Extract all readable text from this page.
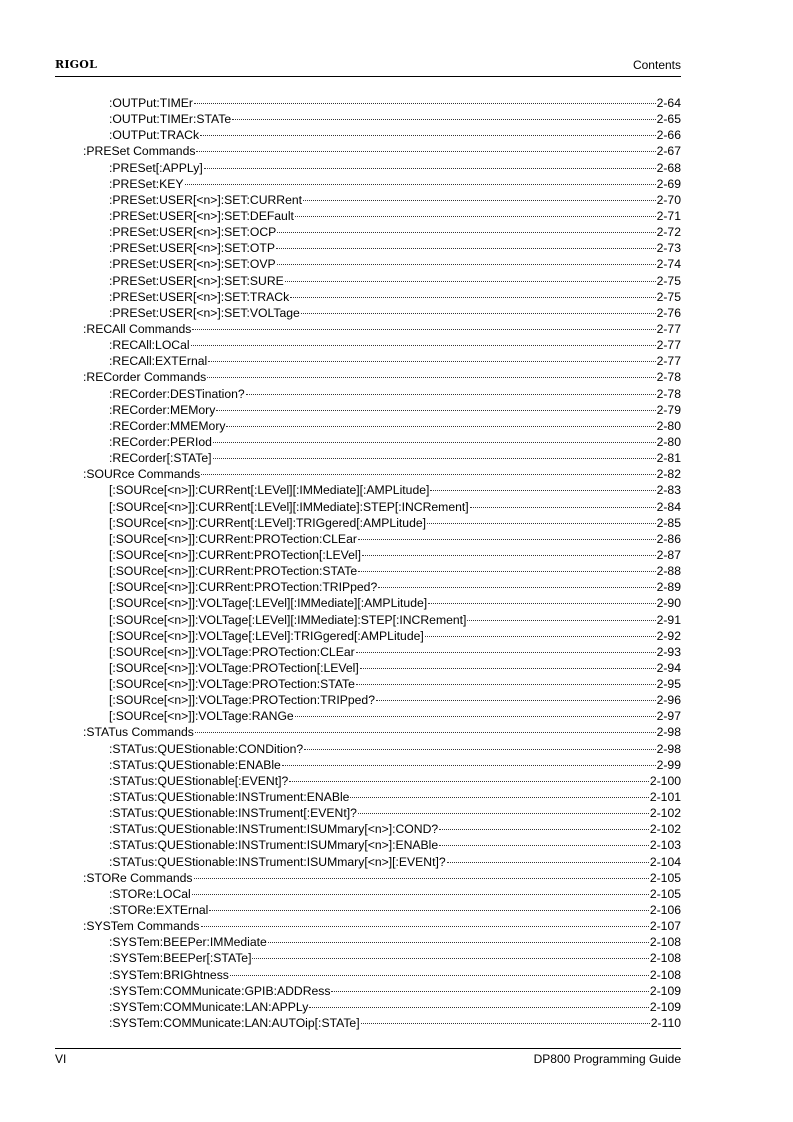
RIGOL	Contents
:OUTPut:TIMEr	2-64
:OUTPut:TIMEr:STATe	2-65
:OUTPut:TRACk	2-66
:PRESet Commands	2-67
:PRESet[:APPLy]	2-68
:PRESet:KEY	2-69
:PRESet:USER[<n>]:SET:CURRent	2-70
:PRESet:USER[<n>]:SET:DEFault	2-71
:PRESet:USER[<n>]:SET:OCP	2-72
:PRESet:USER[<n>]:SET:OTP	2-73
:PRESet:USER[<n>]:SET:OVP	2-74
:PRESet:USER[<n>]:SET:SURE	2-75
:PRESet:USER[<n>]:SET:TRACk	2-75
:PRESet:USER[<n>]:SET:VOLTage	2-76
:RECAll Commands	2-77
:RECAll:LOCal	2-77
:RECAll:EXTErnal	2-77
:RECorder Commands	2-78
:RECorder:DESTination?	2-78
:RECorder:MEMory	2-79
:RECorder:MMEMory	2-80
:RECorder:PERIod	2-80
:RECorder[:STATe]	2-81
:SOURce Commands	2-82
[:SOURce[<n>]]:CURRent[:LEVel][:IMMediate][:AMPLitude]	2-83
[:SOURce[<n>]]:CURRent[:LEVel][:IMMediate]:STEP[:INCRement]	2-84
[:SOURce[<n>]]:CURRent[:LEVel]:TRIGgered[:AMPLitude]	2-85
[:SOURce[<n>]]:CURRent:PROTection:CLEar	2-86
[:SOURce[<n>]]:CURRent:PROTection[:LEVel]	2-87
[:SOURce[<n>]]:CURRent:PROTection:STATe	2-88
[:SOURce[<n>]]:CURRent:PROTection:TRIPped?	2-89
[:SOURce[<n>]]:VOLTage[:LEVel][:IMMediate][:AMPLitude]	2-90
[:SOURce[<n>]]:VOLTage[:LEVel][:IMMediate]:STEP[:INCRement]	2-91
[:SOURce[<n>]]:VOLTage[:LEVel]:TRIGgered[:AMPLitude]	2-92
[:SOURce[<n>]]:VOLTage:PROTection:CLEar	2-93
[:SOURce[<n>]]:VOLTage:PROTection[:LEVel]	2-94
[:SOURce[<n>]]:VOLTage:PROTection:STATe	2-95
[:SOURce[<n>]]:VOLTage:PROTection:TRIPped?	2-96
[:SOURce[<n>]]:VOLTage:RANGe	2-97
:STATus Commands	2-98
:STATus:QUEStionable:CONDition?	2-98
:STATus:QUEStionable:ENABle	2-99
:STATus:QUEStionable[:EVENt]?	2-100
:STATus:QUEStionable:INSTrument:ENABle	2-101
:STATus:QUEStionable:INSTrument[:EVENt]?	2-102
:STATus:QUEStionable:INSTrument:ISUMmary[<n>]:COND?	2-102
:STATus:QUEStionable:INSTrument:ISUMmary[<n>]:ENABle	2-103
:STATus:QUEStionable:INSTrument:ISUMmary[<n>][:EVENt]?	2-104
:STORe Commands	2-105
:STORe:LOCal	2-105
:STORe:EXTErnal	2-106
:SYSTem Commands	2-107
:SYSTem:BEEPer:IMMediate	2-108
:SYSTem:BEEPer[:STATe]	2-108
:SYSTem:BRIGhtness	2-108
:SYSTem:COMMunicate:GPIB:ADDRess	2-109
:SYSTem:COMMunicate:LAN:APPLy	2-109
:SYSTem:COMMunicate:LAN:AUTOip[:STATe]	2-110
VI	DP800 Programming Guide
